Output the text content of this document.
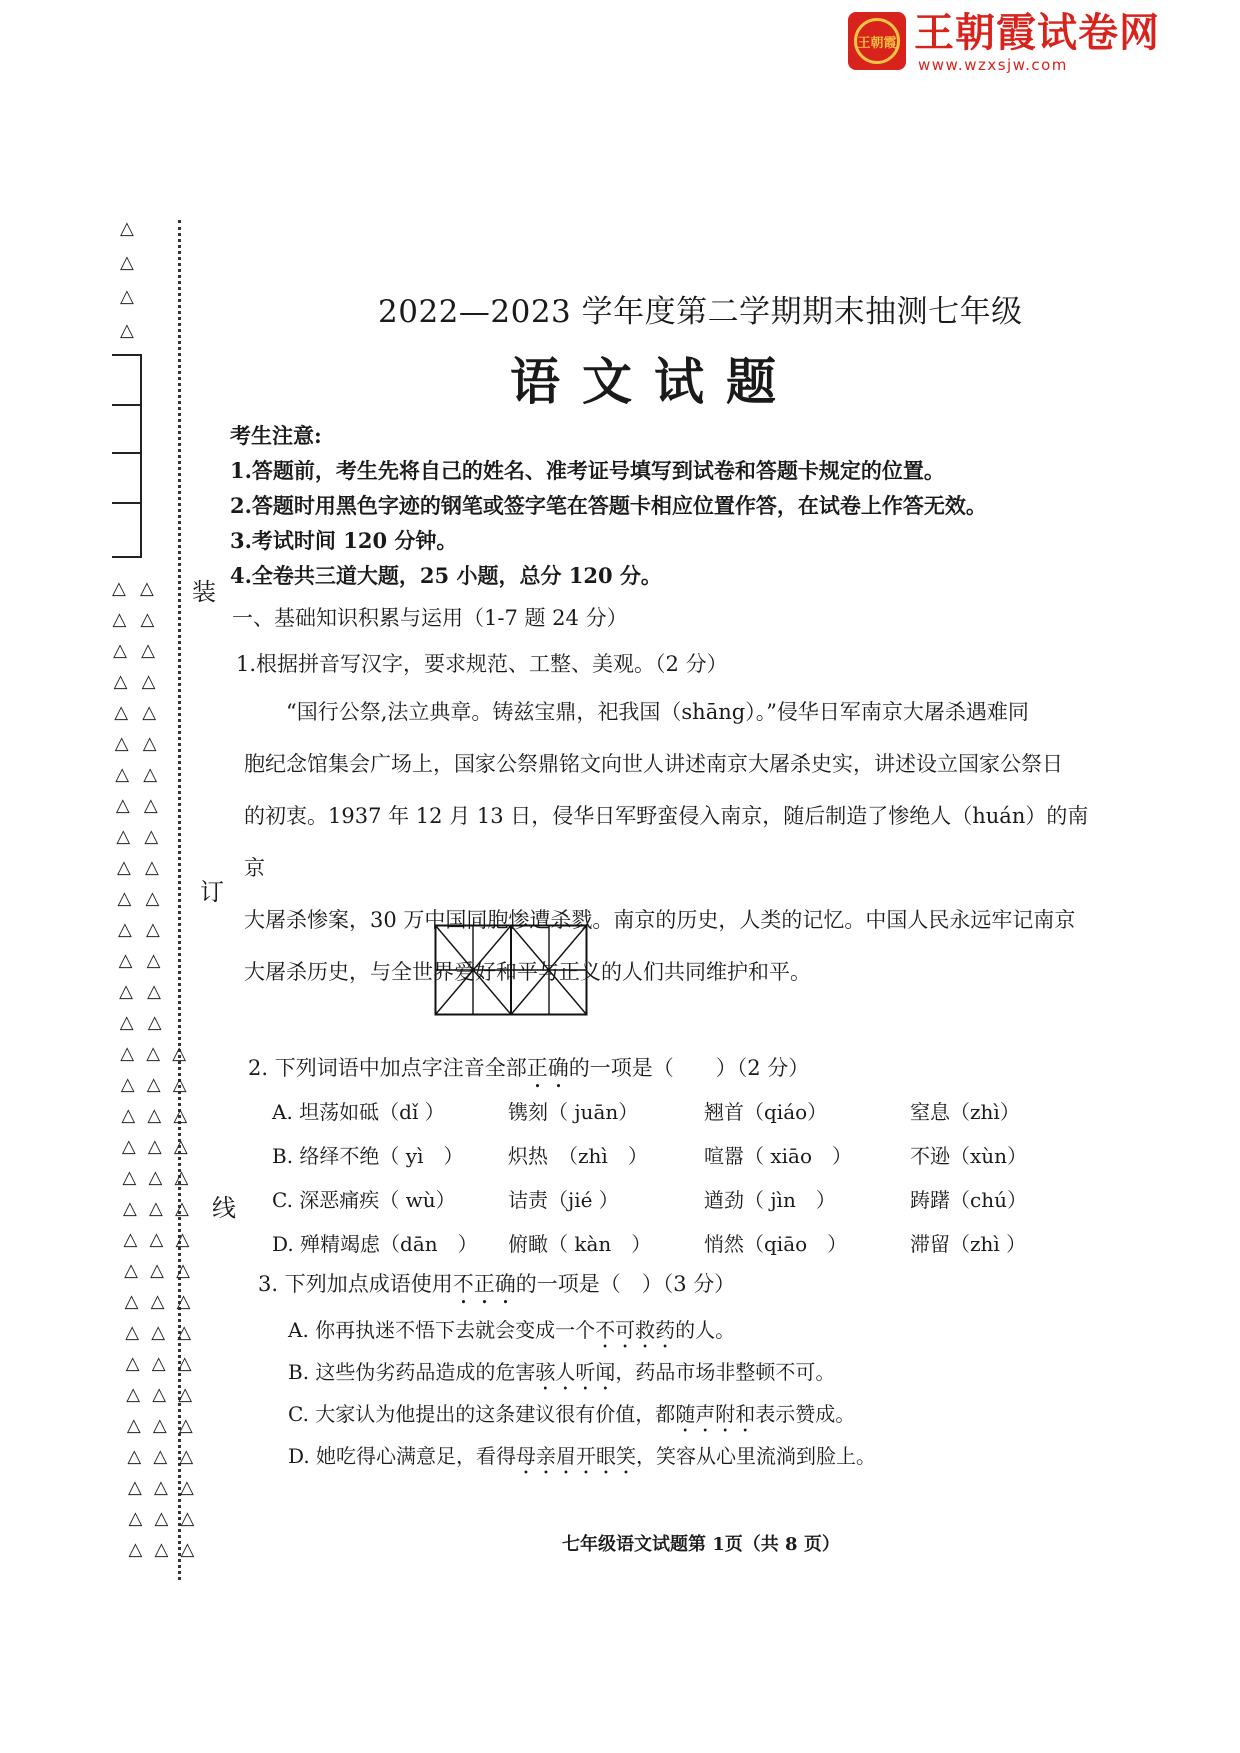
王朝霞 王朝霞试卷网
www.wzxsjw.com
装
订
线
△
△
△
△
△ △
△ △
△ △
△ △
△ △
△ △
△ △
△ △
△ △
△ △
△ △
△ △
△ △
△ △
△ △
△ △ △
△ △ △
△ △ △
△ △ △
△ △ △
△ △ △
△ △ △
△ △ △
△ △ △
△ △ △
△ △ △
△ △ △
△ △ △
△ △ △
△ △ △
△ △ △
△ △ △
2022—2023 学年度第二学期期末抽测七年级
语文试题
考生注意:
1.答题前，考生先将自己的姓名、准考证号填写到试卷和答题卡规定的位置。
2.答题时用黑色字迹的钢笔或签字笔在答题卡相应位置作答，在试卷上作答无效。
3.考试时间 120 分钟。
4.全卷共三道大题，25 小题，总分 120 分。
一、基础知识积累与运用（1-7 题 24 分）
1.根据拼音写汉字，要求规范、工整、美观。（2 分）
“国行公祭,法立典章。铸兹宝鼎，祀我国（shāng）。”侵华日军南京大屠杀遇难同
胞纪念馆集会广场上，国家公祭鼎铭文向世人讲述南京大屠杀史实，讲述设立国家公祭日
的初衷。1937 年 12 月 13 日，侵华日军野蛮侵入南京，随后制造了惨绝人（huán）的南京
大屠杀惨案，30 万中国同胞惨遭杀戮。南京的历史，人类的记忆。中国人民永远牢记南京
大屠杀历史，与全世界爱好和平与正义的人们共同维护和平。
2. 下列词语中加点字注音全部正确的一项是（　　）（2 分）
A. 坦荡如砥（dǐ ）	镌刻（ juān）	翘首（qiáo）	窒息（zhì）
B. 络绎不绝（ yì　） 炽热　（zhì　）	喧嚣（ xiāo　）	不逊（xùn）
C. 深恶痛疾（ wù）	诘责（jié ）	遒劲（ jìn　）	踌躇（chú）
D. 殚精竭虑（dān　） 俯瞰（ kàn　）	悄然（qiāo　）	滞留（zhì ）
3. 下列加点成语使用不正确的一项是（　）（3 分）
A. 你再执迷不悟下去就会变成一个不可救药的人。
B. 这些伪劣药品造成的危害骇人听闻，药品市场非整顿不可。
C. 大家认为他提出的这条建议很有价值，都随声附和表示赞成。
D. 她吃得心满意足，看得母亲眉开眼笑，笑容从心里流淌到脸上。
七年级语文试题第 1页（共 8 页）
